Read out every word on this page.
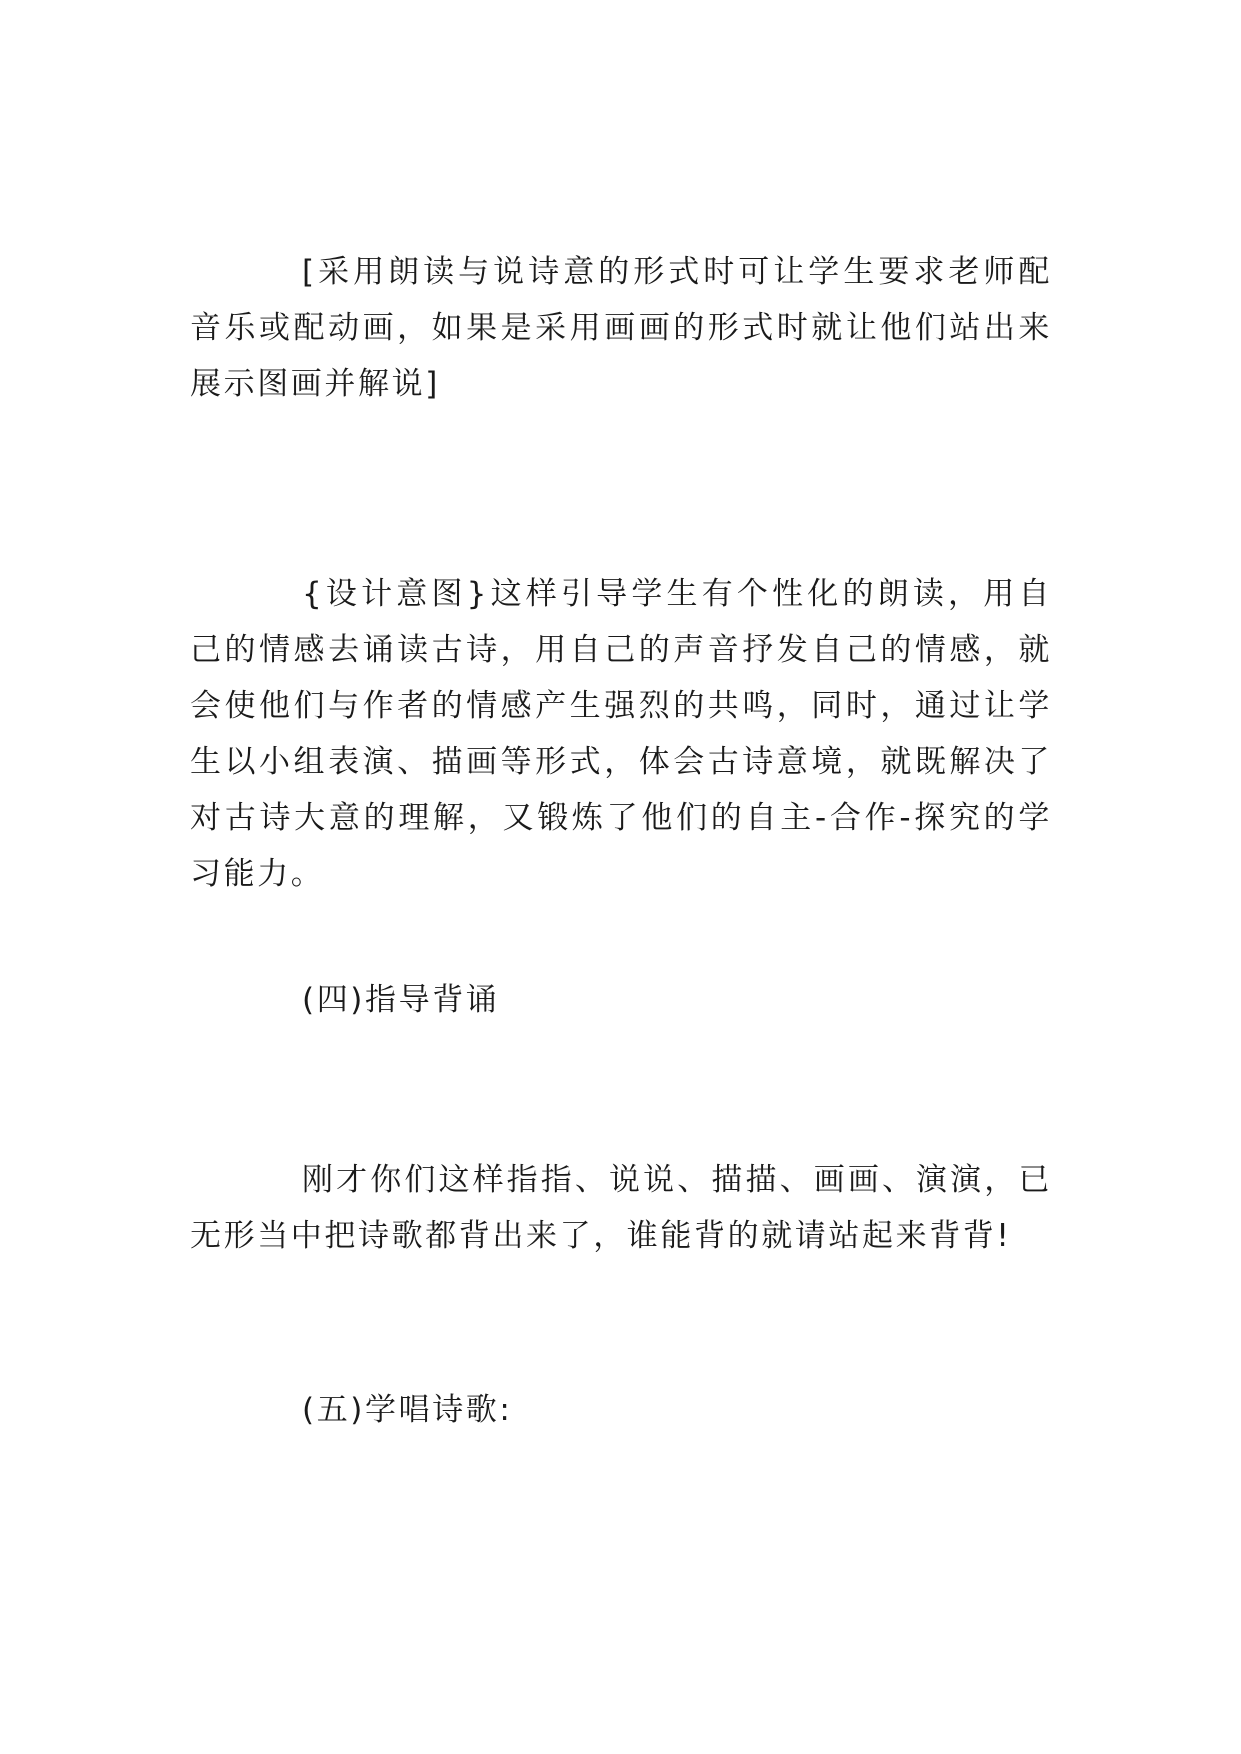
[采用朗读与说诗意的形式时可让学生要求老师配音乐或配动画，如果是采用画画的形式时就让他们站出来展示图画并解说]

{设计意图}这样引导学生有个性化的朗读，用自己的情感去诵读古诗，用自己的声音抒发自己的情感，就会使他们与作者的情感产生强烈的共鸣，同时，通过让学生以小组表演、描画等形式，体会古诗意境，就既解决了对古诗大意的理解，又锻炼了他们的自主-合作-探究的学习能力。

(四)指导背诵

刚才你们这样指指、说说、描描、画画、演演，已无形当中把诗歌都背出来了，谁能背的就请站起来背背!

(五)学唱诗歌:
